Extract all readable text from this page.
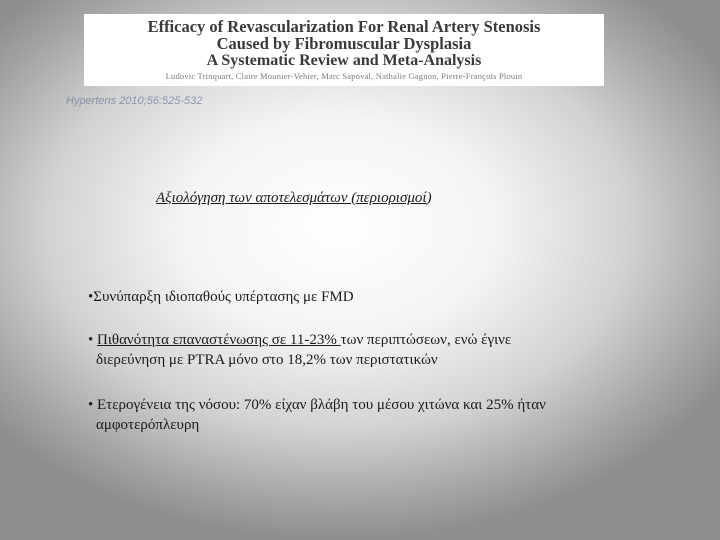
Efficacy of Revascularization For Renal Artery Stenosis
Caused by Fibromuscular Dysplasia
A Systematic Review and Meta-Analysis
Ludovic Trinquart, Claire Mounier-Vehier, Marc Sapoval, Nathalie Gagnon, Pierre-François Plouin
Hypertens 2010;56:525-532
Αξιολόγηση των αποτελεσμάτων (περιορισμοί)
•Συνύπαρξη ιδιοπαθούς υπέρτασης με FMD
• Πιθανότητα επαναστένωσης σε 11-23% των περιπτώσεων, ενώ έγινε
διερεύνηση με PTRA μόνο στο 18,2% των περιστατικών
• Ετερογένεια της νόσου: 70% είχαν βλάβη του μέσου χιτώνα και 25% ήταν
αμφοτερόπλευρη
